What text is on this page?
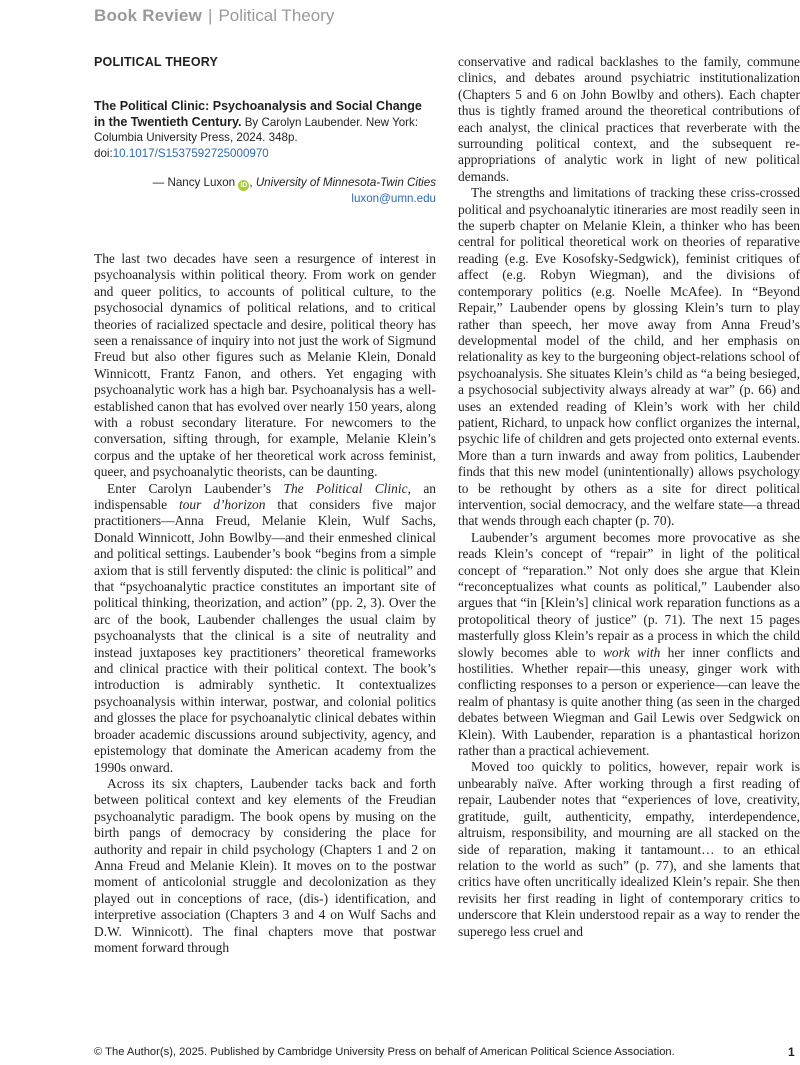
Book Review | Political Theory
POLITICAL THEORY

The Political Clinic: Psychoanalysis and Social Change in the Twentieth Century. By Carolyn Laubender. New York: Columbia University Press, 2024. 348p.

doi:10.1017/S1537592725000970

— Nancy Luxon iD , University of Minnesota-Twin Cities
luxon@umn.edu

The last two decades have seen a resurgence of interest in psychoanalysis within political theory. From work on gender and queer politics, to accounts of political culture, to the psychosocial dynamics of political relations, and to critical theories of racialized spectacle and desire, political theory has seen a renaissance of inquiry into not just the work of Sigmund Freud but also other figures such as Melanie Klein, Donald Winnicott, Frantz Fanon, and others. Yet engaging with psychoanalytic work has a high bar. Psychoanalysis has a well-established canon that has evolved over nearly 150 years, along with a robust secondary literature. For newcomers to the conversation, sifting through, for example, Melanie Klein’s corpus and the uptake of her theoretical work across feminist, queer, and psychoanalytic theorists, can be daunting.

Enter Carolyn Laubender’s The Political Clinic, an indispensable tour d’horizon that considers five major practitioners—Anna Freud, Melanie Klein, Wulf Sachs, Donald Winnicott, John Bowlby—and their enmeshed clinical and political settings. Laubender’s book “begins from a simple axiom that is still fervently disputed: the clinic is political” and that “psychoanalytic practice constitutes an important site of political thinking, theorization, and action” (pp. 2, 3). Over the arc of the book, Laubender challenges the usual claim by psychoanalysts that the clinical is a site of neutrality and instead juxtaposes key practitioners’ theoretical frameworks and clinical practice with their political context. The book’s introduction is admirably synthetic. It contextualizes psychoanalysis within interwar, postwar, and colonial politics and glosses the place for psychoanalytic clinical debates within broader academic discussions around subjectivity, agency, and epistemology that dominate the American academy from the 1990s onward.

Across its six chapters, Laubender tacks back and forth between political context and key elements of the Freudian psychoanalytic paradigm. The book opens by musing on the birth pangs of democracy by considering the place for authority and repair in child psychology (Chapters 1 and 2 on Anna Freud and Melanie Klein). It moves on to the postwar moment of anticolonial struggle and decolonization as they played out in conceptions of race, (dis-) identification, and interpretive association (Chapters 3 and 4 on Wulf Sachs and D.W. Winnicott). The final chapters move that postwar moment forward through

conservative and radical backlashes to the family, commune clinics, and debates around psychiatric institutionalization (Chapters 5 and 6 on John Bowlby and others). Each chapter thus is tightly framed around the theoretical contributions of each analyst, the clinical practices that reverberate with the surrounding political context, and the subsequent re-appropriations of analytic work in light of new political demands.

The strengths and limitations of tracking these criss-crossed political and psychoanalytic itineraries are most readily seen in the superb chapter on Melanie Klein, a thinker who has been central for political theoretical work on theories of reparative reading (e.g. Eve Kosofsky-Sedgwick), feminist critiques of affect (e.g. Robyn Wiegman), and the divisions of contemporary politics (e.g. Noelle McAfee). In “Beyond Repair,” Laubender opens by glossing Klein’s turn to play rather than speech, her move away from Anna Freud’s developmental model of the child, and her emphasis on relationality as key to the burgeoning object-relations school of psychoanalysis. She situates Klein’s child as “a being besieged, a psychosocial subjectivity always already at war” (p. 66) and uses an extended reading of Klein’s work with her child patient, Richard, to unpack how conflict organizes the internal, psychic life of children and gets projected onto external events. More than a turn inwards and away from politics, Laubender finds that this new model (unintentionally) allows psychology to be rethought by others as a site for direct political intervention, social democracy, and the welfare state—a thread that wends through each chapter (p. 70).

Laubender’s argument becomes more provocative as she reads Klein’s concept of “repair” in light of the political concept of “reparation.” Not only does she argue that Klein “reconceptualizes what counts as political,” Laubender also argues that “in [Klein’s] clinical work reparation functions as a protopolitical theory of justice” (p. 71). The next 15 pages masterfully gloss Klein’s repair as a process in which the child slowly becomes able to work with her inner conflicts and hostilities. Whether repair—this uneasy, ginger work with conflicting responses to a person or experience—can leave the realm of phantasy is quite another thing (as seen in the charged debates between Wiegman and Gail Lewis over Sedgwick on Klein). With Laubender, reparation is a phantastical horizon rather than a practical achievement.

Moved too quickly to politics, however, repair work is unbearably naïve. After working through a first reading of repair, Laubender notes that “experiences of love, creativity, gratitude, guilt, authenticity, empathy, interdependence, altruism, responsibility, and mourning are all stacked on the side of reparation, making it tantamount… to an ethical relation to the world as such” (p. 77), and she laments that critics have often uncritically idealized Klein’s repair. She then revisits her first reading in light of contemporary critics to underscore that Klein understood repair as a way to render the superego less cruel and

© The Author(s), 2025. Published by Cambridge University Press on behalf of American Political Science Association.	1
